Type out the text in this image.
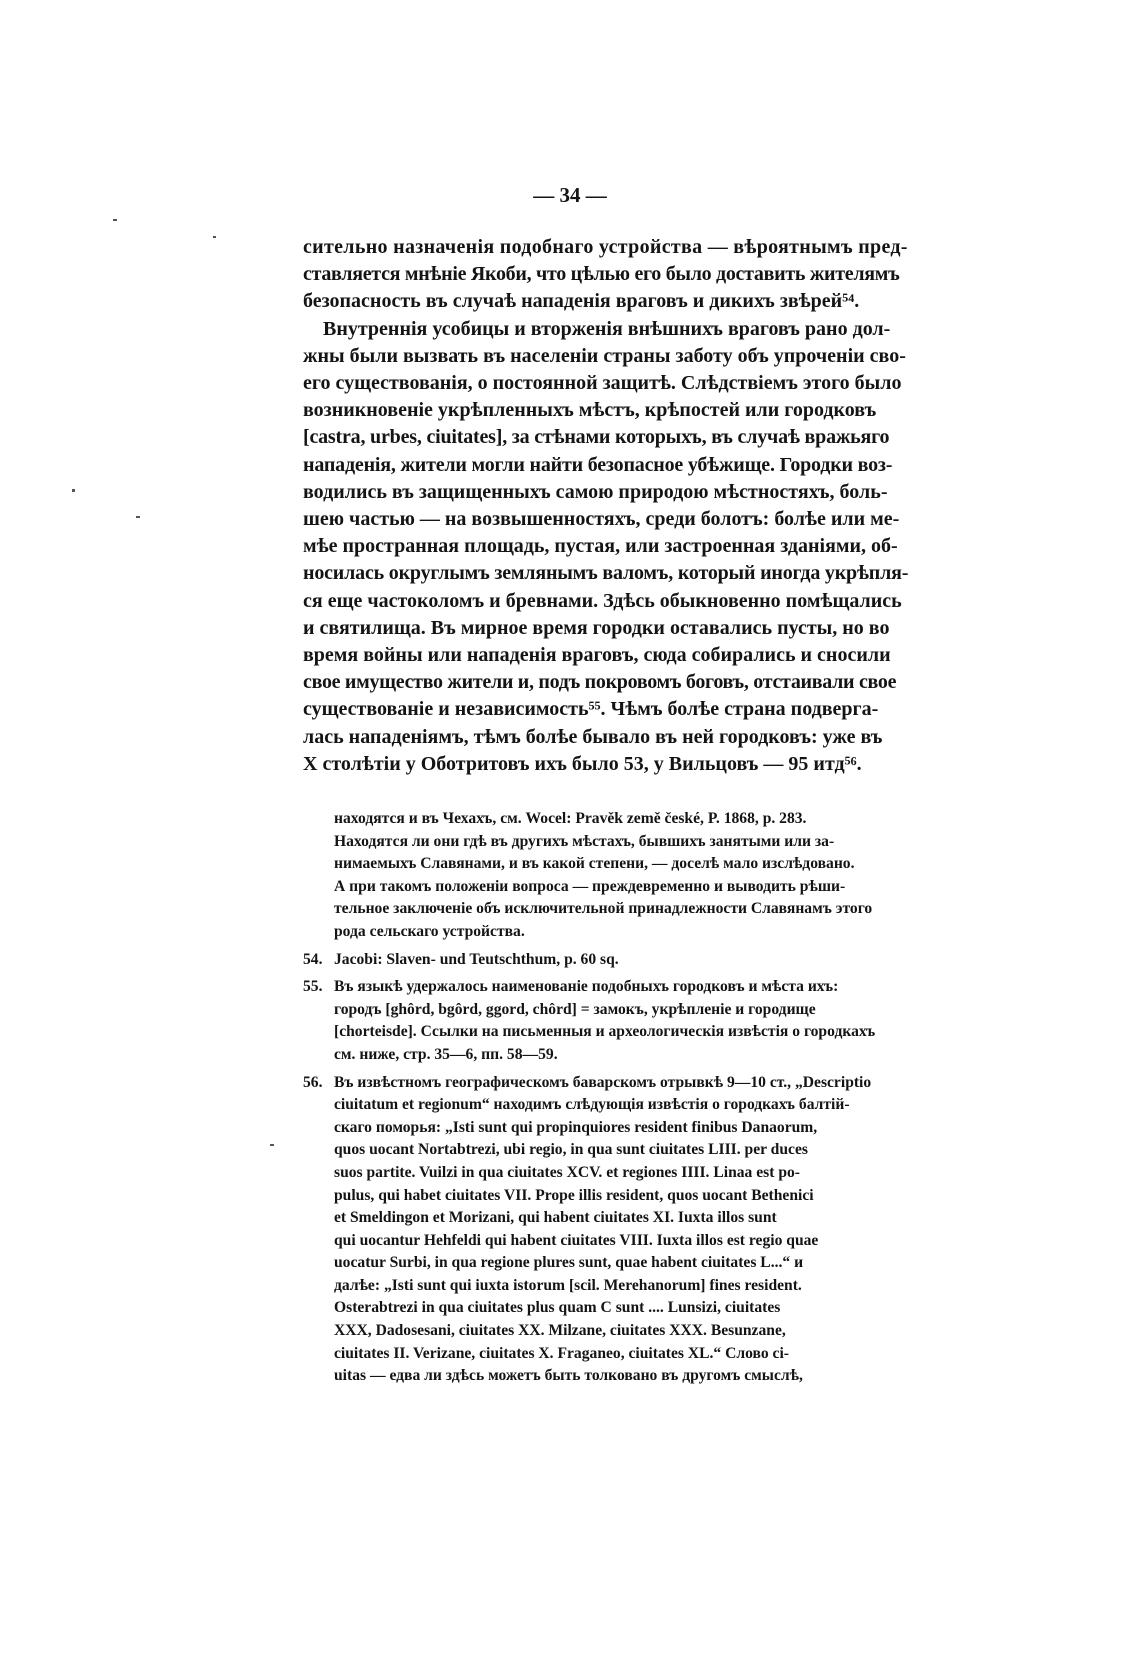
— 34 —
сительно назначенія подобнаго устройства — вѣроятнымъ пред-
ставляется мнѣніе Якоби, что цѣлью его было доставить жителямъ
безопасность въ случаѣ нападенія враговъ и дикихъ звѣрей⁵⁴.
Внутреннія усобицы и вторженія внѣшнихъ враговъ рано дол-
жны были вызвать въ населеніи страны заботу объ упроченіи сво-
его существованія, о постоянной защитѣ. Слѣдствіемъ этого было
возникновеніе укрѣпленныхъ мѣстъ, крѣпостей или городковъ
[castra, urbes, ciuitates], за стѣнами которыхъ, въ случаѣ вражьяго
нападенія, жители могли найти безопасное убѣжище. Городки воз-
водились въ защищенныхъ самою природою мѣстностяхъ, боль-
шею частью — на возвышенностяхъ, среди болотъ: болѣе или ме-
мѣе пространная площадь, пустая, или застроенная зданіями, об-
носилась округлымъ землянымъ валомъ, который иногда укрѣпля-
ся еще частоколомъ и бревнами. Здѣсь обыкновенно помѣщались
и святилища. Въ мирное время городки оставались пусты, но во
время войны или нападенія враговъ, сюда собирались и сносили
свое имущество жители и, подъ покровомъ боговъ, отстаивали свое
существованіе и независимость⁵⁵. Чѣмъ болѣе страна подверга-
лась нападеніямъ, тѣмъ болѣе бывало въ ней городковъ: уже въ
X столѣтіи у Оботритовъ ихъ было 53, у Вильцовъ — 95 итд⁵⁶.
находятся и въ Чехахъ, см. Wocel: Pravěk země české, P. 1868, p. 283.
Находятся ли они гдѣ въ другихъ мѣстахъ, бывшихъ занятыми или за-
нимаемыхъ Славянами, и въ какой степени, — доселѣ мало изслѣдовано.
А при такомъ положеніи вопроса — преждевременно и выводить рѣши-
тельное заключеніе объ исключительной принадлежности Славянамъ этого
рода сельскаго устройства.
54. Jacobi: Slaven- und Teutschthum, p. 60 sq.
55. Въ языкѣ удержалось наименованіе подобныхъ городковъ и мѣста ихъ:
городъ [ghôrd, bgôrd, ggord, chôrd] = замокъ, укрѣпленіе и городище
[chorteisde]. Ссылки на письменныя и археологическія извѣстія о городкахъ
см. ниже, стр. 35—6, пп. 58—59.
56. Въ извѣстномъ географическомъ баварскомъ отрывкѣ 9—10 ст., „Descriptio
ciuitatum et regionum“ находимъ слѣдующія извѣстія о городкахъ балтій-
скаго поморья: „Isti sunt qui propinquiores resident finibus Danaorum,
quos uocant Nortabtrezi, ubi regio, in qua sunt ciuitates LIII. per duces
suos partite. Vuilzi in qua ciuitates XCV. et regiones IIII. Linaa est po-
pulus, qui habet ciuitates VII. Prope illis resident, quos uocant Bethenici
et Smeldingon et Morizani, qui habent ciuitates XI. Iuxta illos sunt
qui uocantur Hehfeldi qui habent ciuitates VIII. Iuxta illos est regio quae
uocatur Surbi, in qua regione plures sunt, quae habent ciuitates L...“ и
далѣе: „Isti sunt qui iuxta istorum [scil. Merehanorum] fines resident.
Osterabtrezi in qua ciuitates plus quam C sunt .... Lunsizi, ciuitates
XXX, Dadosesani, ciuitates XX. Milzane, ciuitates XXX. Besunzane,
ciuitates II. Verizane, ciuitates X. Fraganeo, ciuitates XL.“ Слово ci-
uitas — едва ли здѣсь можетъ быть толковано въ другомъ смыслѣ,
